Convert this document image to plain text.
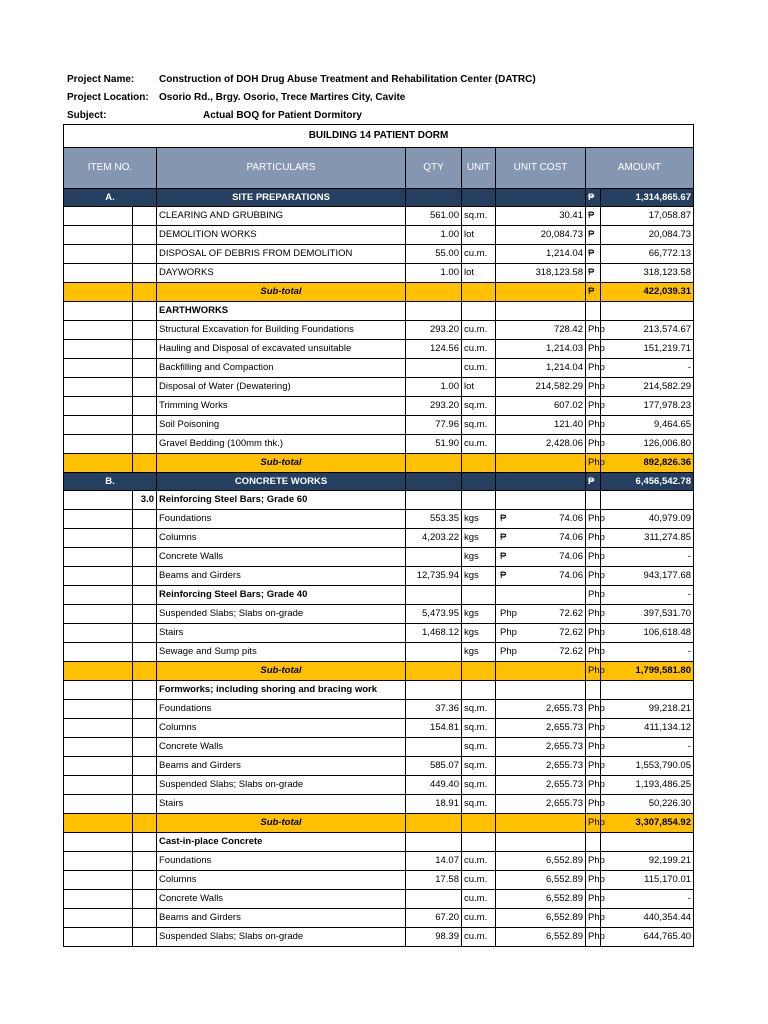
Project Name: Construction of DOH Drug Abuse Treatment and Rehabilitation Center (DATRC)
Project Location: Osorio Rd., Brgy. Osorio, Trece Martires City, Cavite
Subject:	Actual BOQ for Patient Dormitory
BUILDING 14 PATIENT DORM							
ITEM NO.		PARTICULARS	QTY	UNIT	UNIT COST	AMOUNT	
A.		SITE PREPARATIONS				₱	1,314,865.67
		CLEARING AND GRUBBING	561.00	sq.m.	30.41	₱	17,058.87
		DEMOLITION WORKS	1.00	lot	20,084.73	₱	20,084.73
		DISPOSAL OF DEBRIS FROM DEMOLITION	55.00	cu.m.	1,214.04	₱	66,772.13
		DAYWORKS	1.00	lot	318,123.58	₱	318,123.58
		Sub-total				₱	422,039.31
		EARTHWORKS					
		Structural Excavation for Building Foundations	293.20	cu.m.	728.42	Php	213,574.67
		Hauling and Disposal of excavated unsuitable	124.56	cu.m.	1,214.03	Php	151,219.71
		Backfilling and Compaction		cu.m.	1,214.04	Php	-
		Disposal of Water (Dewatering)	1.00	lot	214,582.29	Php	214,582.29
		Trimming Works	293.20	sq.m.	607.02	Php	177,978.23
		Soil Poisoning	77.96	sq.m.	121.40	Php	9,464.65
		Gravel Bedding (100mm thk.)	51.90	cu.m.	2,428.06	Php	126,006.80
		Sub-total				Php	892,826.36
B.		CONCRETE WORKS				₱	6,456,542.78
	3.0	Reinforcing Steel Bars; Grade 60					
		Foundations	553.35	kgs	₱ 74.06	Php	40,979.09
		Columns	4,203.22	kgs	₱ 74.06	Php	311,274.85
		Concrete Walls		kgs	₱ 74.06	Php	-
		Beams and Girders	12,735.94	kgs	₱ 74.06	Php	943,177.68
		Reinforcing Steel Bars; Grade 40				Php	-
		Suspended Slabs; Slabs on-grade	5,473.95	kgs	Php 72.62	Php	397,531.70
		Stairs	1,468.12	kgs	Php 72.62	Php	106,618.48
		Sewage and Sump pits		kgs	Php 72.62	Php	-
		Sub-total				Php	1,799,581.80
		Formworks; including shoring and bracing work					
		Foundations	37.36	sq.m.	2,655.73	Php	99,218.21
		Columns	154.81	sq.m.	2,655.73	Php	411,134.12
		Concrete Walls		sq.m.	2,655.73	Php	-
		Beams and Girders	585.07	sq.m.	2,655.73	Php	1,553,790.05
		Suspended Slabs; Slabs on-grade	449.40	sq.m.	2,655.73	Php	1,193,486.25
		Stairs	18.91	sq.m.	2,655.73	Php	50,226.30
		Sub-total				Php	3,307,854.92
		Cast-in-place Concrete					
		Foundations	14.07	cu.m.	6,552.89	Php	92,199.21
		Columns	17.58	cu.m.	6,552.89	Php	115,170.01
		Concrete Walls		cu.m.	6,552.89	Php	-
		Beams and Girders	67.20	cu.m.	6,552.89	Php	440,354.44
		Suspended Slabs; Slabs on-grade	98.39	cu.m.	6,552.89	Php	644,765.40
